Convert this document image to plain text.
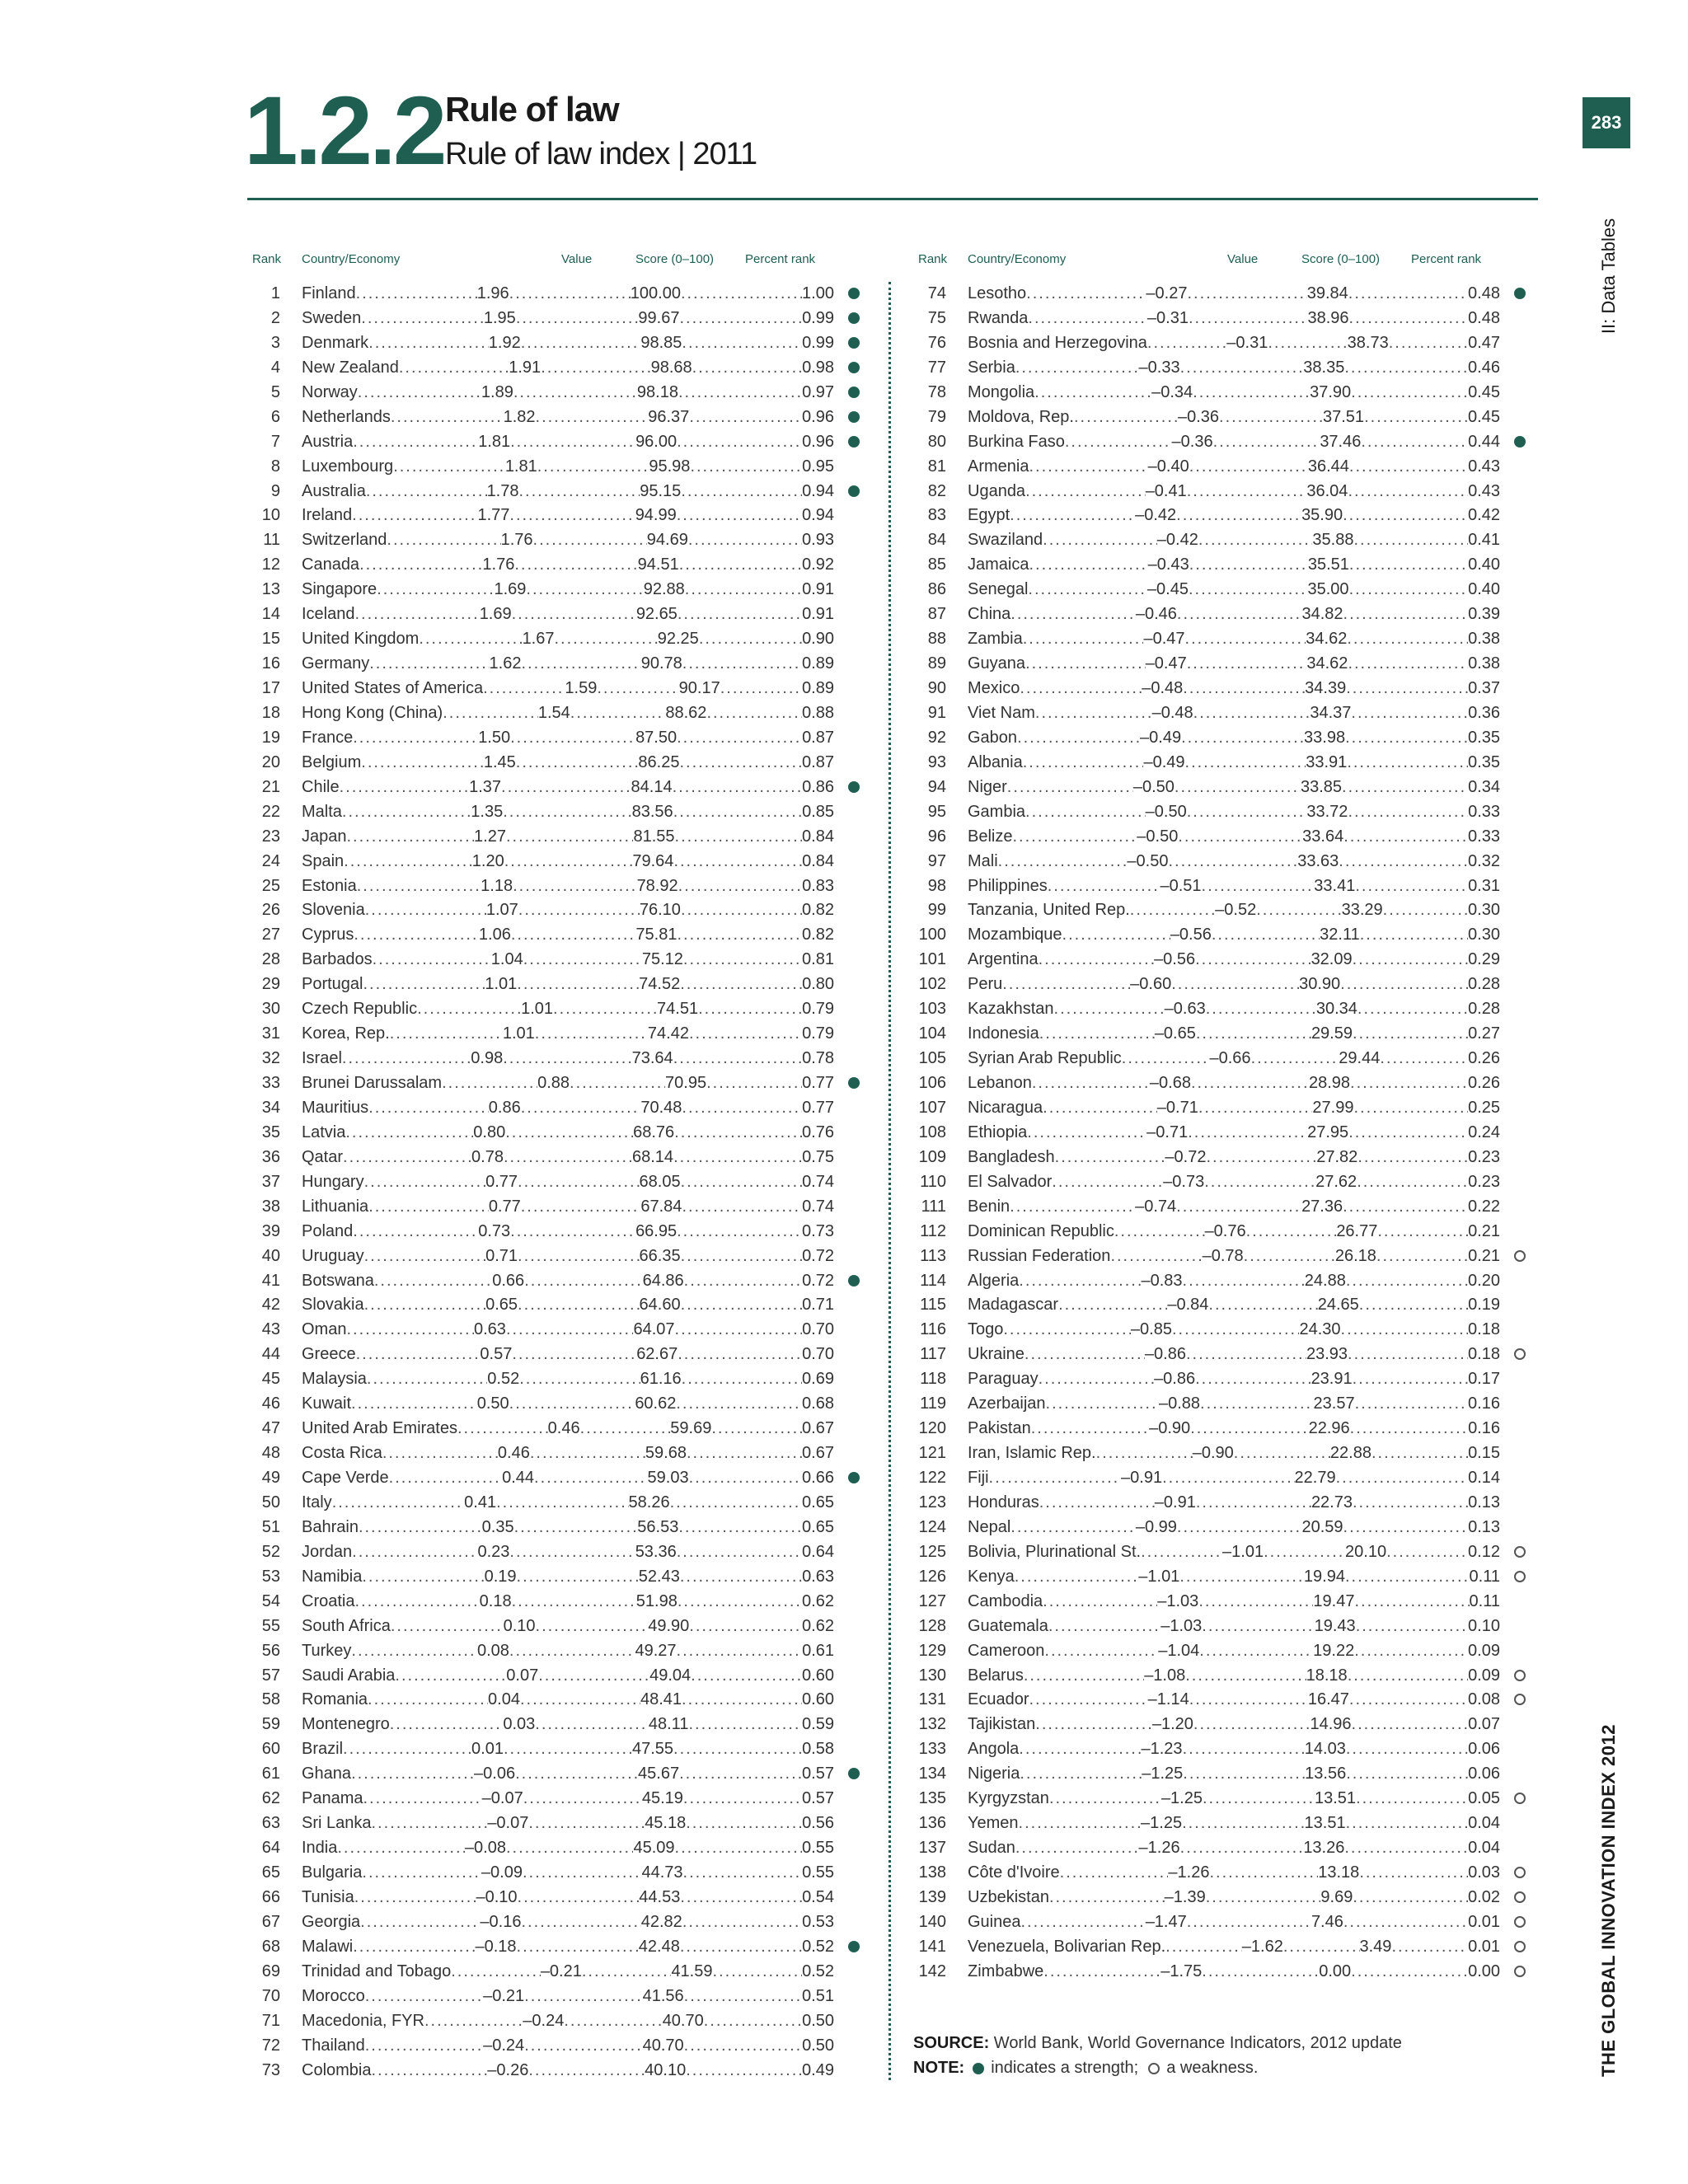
1.2.2 Rule of law
Rule of law index | 2011
283
II: Data Tables
THE GLOBAL INNOVATION INDEX 2012
Rank Country/Economy	Value	Score (0–100)	Percent rank
1 Finland .....	1.96 .....	100.00 .....	1.00
2 Sweden .....	1.95 .....	99.67 .....	0.99
3 Denmark .....	1.92 .....	98.85 .....	0.99
4 New Zealand .....	1.91 .....	98.68 .....	0.98
5 Norway .....	1.89 .....	98.18 .....	0.97
6 Netherlands .....	1.82 .....	96.37 .....	0.96
7 Austria .....	1.81 .....	96.00 .....	0.96
8 Luxembourg .....	1.81 .....	95.98 .....	0.95
9 Australia .....	1.78 .....	95.15 .....	0.94
10 Ireland .....	1.77 .....	94.99 .....	0.94
11 Switzerland .....	1.76 .....	94.69 .....	0.93
12 Canada .....	1.76 .....	94.51 .....	0.92
13 Singapore .....	1.69 .....	92.88 .....	0.91
14 Iceland .....	1.69 .....	92.65 .....	0.91
15 United Kingdom .....	1.67 .....	92.25 .....	0.90
16 Germany .....	1.62 .....	90.78 .....	0.89
17 United States of America .....	1.59 .....	90.17 .....	0.89
18 Hong Kong (China) .....	1.54 .....	88.62 .....	0.88
19 France .....	1.50 .....	87.50 .....	0.87
20 Belgium .....	1.45 .....	86.25 .....	0.87
21 Chile .....	1.37 .....	84.14 .....	0.86
22 Malta .....	1.35 .....	83.56 .....	0.85
23 Japan .....	1.27 .....	81.55 .....	0.84
24 Spain .....	1.20 .....	79.64 .....	0.84
25 Estonia .....	1.18 .....	78.92 .....	0.83
26 Slovenia .....	1.07 .....	76.10 .....	0.82
27 Cyprus .....	1.06 .....	75.81 .....	0.82
28 Barbados .....	1.04 .....	75.12 .....	0.81
29 Portugal .....	1.01 .....	74.52 .....	0.80
30 Czech Republic .....	1.01 .....	74.51 .....	0.79
31 Korea, Rep. .....	1.01 .....	74.42 .....	0.79
32 Israel .....	0.98 .....	73.64 .....	0.78
33 Brunei Darussalam .....	0.88 .....	70.95 .....	0.77
34 Mauritius .....	0.86 .....	70.48 .....	0.77
35 Latvia .....	0.80 .....	68.76 .....	0.76
36 Qatar .....	0.78 .....	68.14 .....	0.75
37 Hungary .....	0.77 .....	68.05 .....	0.74
38 Lithuania .....	0.77 .....	67.84 .....	0.74
39 Poland .....	0.73 .....	66.95 .....	0.73
40 Uruguay .....	0.71 .....	66.35 .....	0.72
41 Botswana .....	0.66 .....	64.86 .....	0.72
42 Slovakia .....	0.65 .....	64.60 .....	0.71
43 Oman .....	0.63 .....	64.07 .....	0.70
44 Greece .....	0.57 .....	62.67 .....	0.70
45 Malaysia .....	0.52 .....	61.16 .....	0.69
46 Kuwait .....	0.50 .....	60.62 .....	0.68
47 United Arab Emirates .....	0.46 .....	59.69 .....	0.67
48 Costa Rica .....	0.46 .....	59.68 .....	0.67
49 Cape Verde .....	0.44 .....	59.03 .....	0.66
50 Italy .....	0.41 .....	58.26 .....	0.65
51 Bahrain .....	0.35 .....	56.53 .....	0.65
52 Jordan .....	0.23 .....	53.36 .....	0.64
53 Namibia .....	0.19 .....	52.43 .....	0.63
54 Croatia .....	0.18 .....	51.98 .....	0.62
55 South Africa .....	0.10 .....	49.90 .....	0.62
56 Turkey .....	0.08 .....	49.27 .....	0.61
57 Saudi Arabia .....	0.07 .....	49.04 .....	0.60
58 Romania .....	0.04 .....	48.41 .....	0.60
59 Montenegro .....	0.03 .....	48.11 .....	0.59
60 Brazil .....	0.01 .....	47.55 .....	0.58
61 Ghana .....	–0.06 .....	45.67 .....	0.57
62 Panama .....	–0.07 .....	45.19 .....	0.57
63 Sri Lanka .....	–0.07 .....	45.18 .....	0.56
64 India .....	–0.08 .....	45.09 .....	0.55
65 Bulgaria .....	–0.09 .....	44.73 .....	0.55
66 Tunisia .....	–0.10 .....	44.53 .....	0.54
67 Georgia .....	–0.16 .....	42.82 .....	0.53
68 Malawi .....	–0.18 .....	42.48 .....	0.52
69 Trinidad and Tobago .....	–0.21 .....	41.59 .....	0.52
70 Morocco .....	–0.21 .....	41.56 .....	0.51
71 Macedonia, FYR .....	–0.24 .....	40.70 .....	0.50
72 Thailand .....	–0.24 .....	40.70 .....	0.50
73 Colombia .....	–0.26 .....	40.10 .....	0.49
Rank Country/Economy	Value	Score (0–100)	Percent rank
74 Lesotho .....	–0.27 .....	39.84 .....	0.48
75 Rwanda .....	–0.31 .....	38.96 .....	0.48
76 Bosnia and Herzegovina .....	–0.31 .....	38.73 .....	0.47
77 Serbia .....	–0.33 .....	38.35 .....	0.46
78 Mongolia .....	–0.34 .....	37.90 .....	0.45
79 Moldova, Rep. .....	–0.36 .....	37.51 .....	0.45
80 Burkina Faso .....	–0.36 .....	37.46 .....	0.44
81 Armenia .....	–0.40 .....	36.44 .....	0.43
82 Uganda .....	–0.41 .....	36.04 .....	0.43
83 Egypt .....	–0.42 .....	35.90 .....	0.42
84 Swaziland .....	–0.42 .....	35.88 .....	0.41
85 Jamaica .....	–0.43 .....	35.51 .....	0.40
86 Senegal .....	–0.45 .....	35.00 .....	0.40
87 China .....	–0.46 .....	34.82 .....	0.39
88 Zambia .....	–0.47 .....	34.62 .....	0.38
89 Guyana .....	–0.47 .....	34.62 .....	0.38
90 Mexico .....	–0.48 .....	34.39 .....	0.37
91 Viet Nam .....	–0.48 .....	34.37 .....	0.36
92 Gabon .....	–0.49 .....	33.98 .....	0.35
93 Albania .....	–0.49 .....	33.91 .....	0.35
94 Niger .....	–0.50 .....	33.85 .....	0.34
95 Gambia .....	–0.50 .....	33.72 .....	0.33
96 Belize .....	–0.50 .....	33.64 .....	0.33
97 Mali .....	–0.50 .....	33.63 .....	0.32
98 Philippines .....	–0.51 .....	33.41 .....	0.31
99 Tanzania, United Rep. .....	–0.52 .....	33.29 .....	0.30
100 Mozambique .....	–0.56 .....	32.11 .....	0.30
101 Argentina .....	–0.56 .....	32.09 .....	0.29
102 Peru .....	–0.60 .....	30.90 .....	0.28
103 Kazakhstan .....	–0.63 .....	30.34 .....	0.28
104 Indonesia .....	–0.65 .....	29.59 .....	0.27
105 Syrian Arab Republic .....	–0.66 .....	29.44 .....	0.26
106 Lebanon .....	–0.68 .....	28.98 .....	0.26
107 Nicaragua .....	–0.71 .....	27.99 .....	0.25
108 Ethiopia .....	–0.71 .....	27.95 .....	0.24
109 Bangladesh .....	–0.72 .....	27.82 .....	0.23
110 El Salvador .....	–0.73 .....	27.62 .....	0.23
111 Benin .....	–0.74 .....	27.36 .....	0.22
112 Dominican Republic .....	–0.76 .....	26.77 .....	0.21
113 Russian Federation .....	–0.78 .....	26.18 .....	0.21
114 Algeria .....	–0.83 .....	24.88 .....	0.20
115 Madagascar .....	–0.84 .....	24.65 .....	0.19
116 Togo .....	–0.85 .....	24.30 .....	0.18
117 Ukraine .....	–0.86 .....	23.93 .....	0.18
118 Paraguay .....	–0.86 .....	23.91 .....	0.17
119 Azerbaijan .....	–0.88 .....	23.57 .....	0.16
120 Pakistan .....	–0.90 .....	22.96 .....	0.16
121 Iran, Islamic Rep. .....	–0.90 .....	22.88 .....	0.15
122 Fiji .....	–0.91 .....	22.79 .....	0.14
123 Honduras .....	–0.91 .....	22.73 .....	0.13
124 Nepal .....	–0.99 .....	20.59 .....	0.13
125 Bolivia, Plurinational St. .....	–1.01 .....	20.10 .....	0.12
126 Kenya .....	–1.01 .....	19.94 .....	0.11
127 Cambodia .....	–1.03 .....	19.47 .....	0.11
128 Guatemala .....	–1.03 .....	19.43 .....	0.10
129 Cameroon .....	–1.04 .....	19.22 .....	0.09
130 Belarus .....	–1.08 .....	18.18 .....	0.09
131 Ecuador .....	–1.14 .....	16.47 .....	0.08
132 Tajikistan .....	–1.20 .....	14.96 .....	0.07
133 Angola .....	–1.23 .....	14.03 .....	0.06
134 Nigeria .....	–1.25 .....	13.56 .....	0.06
135 Kyrgyzstan .....	–1.25 .....	13.51 .....	0.05
136 Yemen .....	–1.25 .....	13.51 .....	0.04
137 Sudan .....	–1.26 .....	13.26 .....	0.04
138 Côte d'Ivoire .....	–1.26 .....	13.18 .....	0.03
139 Uzbekistan .....	–1.39 .....	9.69 .....	0.02
140 Guinea .....	–1.47 .....	7.46 .....	0.01
141 Venezuela, Bolivarian Rep. .....	–1.62 .....	3.49 .....	0.01
142 Zimbabwe .....	–1.75 .....	0.00 .....	0.00
SOURCE: World Bank, World Governance Indicators, 2012 update
NOTE: indicates a strength; a weakness.
